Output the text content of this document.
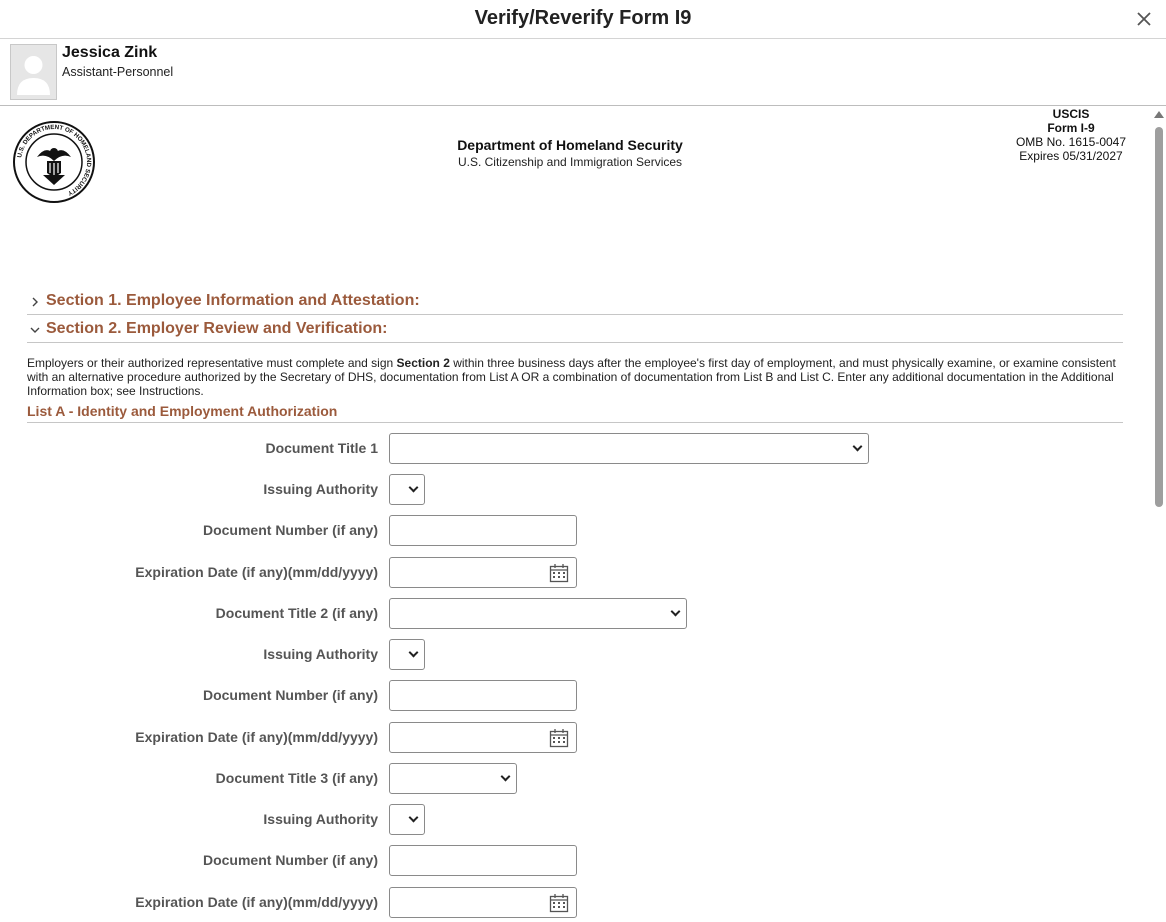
Verify/Reverify Form I9
Jessica Zink
Assistant-Personnel
U.S. DEPARTMENT OF HOMELAND SECURITY
Department of Homeland Security
U.S. Citizenship and Immigration Services
USCIS
Form I-9
OMB No. 1615-0047
Expires 05/31/2027
Section 1. Employee Information and Attestation:
Section 2. Employer Review and Verification:
Employers or their authorized representative must complete and sign Section 2 within three business days after the employee's first day of employment, and must physically examine, or examine consistent with an alternative procedure authorized by the Secretary of DHS, documentation from List A OR a combination of documentation from List B and List C. Enter any additional documentation in the Additional Information box; see Instructions.
List A - Identity and Employment Authorization
Document Title 1
Issuing Authority
Document Number (if any)
Expiration Date (if any)(mm/dd/yyyy)
Document Title 2 (if any)
Issuing Authority
Document Number (if any)
Expiration Date (if any)(mm/dd/yyyy)
Document Title 3 (if any)
Issuing Authority
Document Number (if any)
Expiration Date (if any)(mm/dd/yyyy)
